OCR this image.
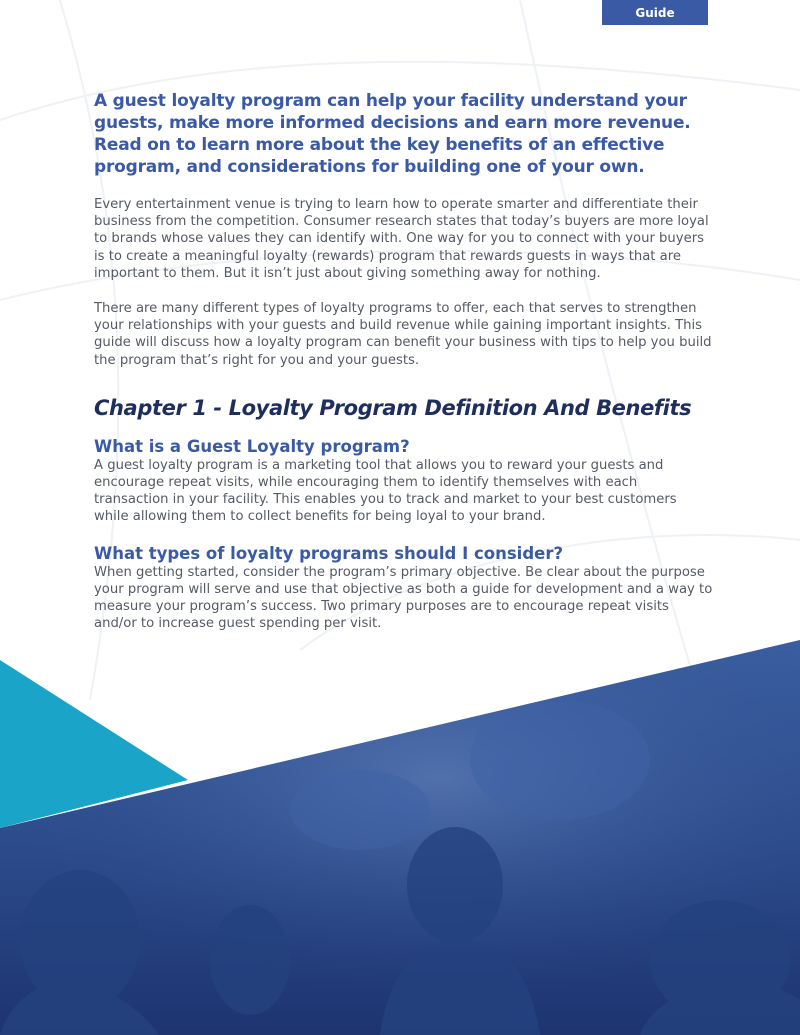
Guide

A guest loyalty program can help your facility understand your guests, make more informed decisions and earn more revenue. Read on to learn more about the key benefits of an effective program, and considerations for building one of your own.

Every entertainment venue is trying to learn how to operate smarter and differentiate their business from the competition. Consumer research states that today’s buyers are more loyal to brands whose values they can identify with. One way for you to connect with your buyers is to create a meaningful loyalty (rewards) program that rewards guests in ways that are important to them. But it isn’t just about giving something away for nothing.

There are many different types of loyalty programs to offer, each that serves to strengthen your relationships with your guests and build revenue while gaining important insights. This guide will discuss how a loyalty program can benefit your business with tips to help you build the program that’s right for you and your guests.

Chapter 1 - Loyalty Program Definition And Benefits
What is a Guest Loyalty program?

A guest loyalty program is a marketing tool that allows you to reward your guests and encourage repeat visits, while encouraging them to identify themselves with each transaction in your facility. This enables you to track and market to your best customers while allowing them to collect benefits for being loyal to your brand.

What types of loyalty programs should I consider?

When getting started, consider the program’s primary objective. Be clear about the purpose your program will serve and use that objective as both a guide for development and a way to measure your program’s success. Two primary purposes are to encourage repeat visits and/or to increase guest spending per visit.
